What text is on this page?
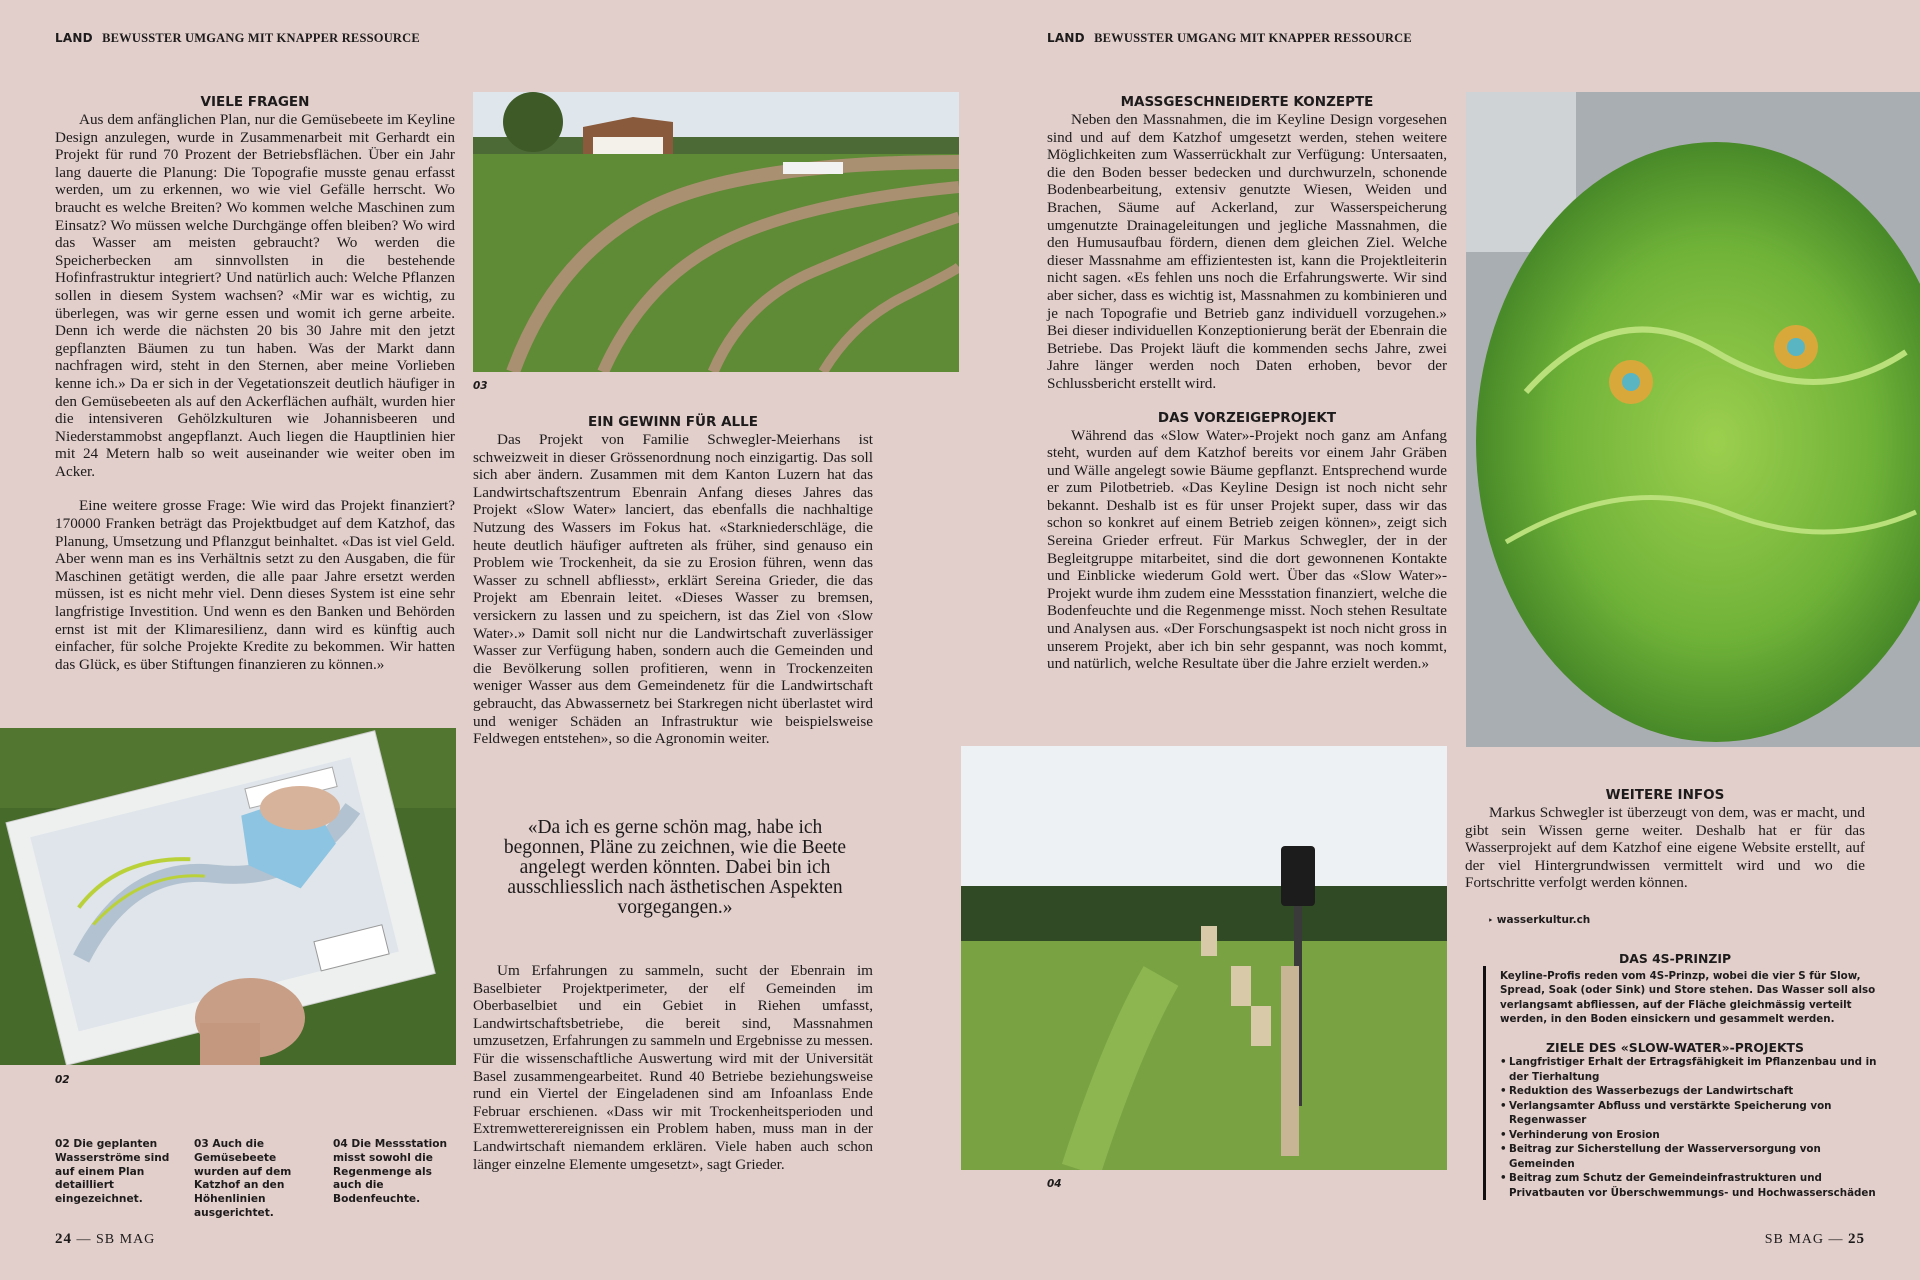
LAND BEWUSSTER UMGANG MIT KNAPPER RESSOURCE
VIELE FRAGEN

Aus dem anfänglichen Plan, nur die Gemüsebeete im Keyline Design anzulegen, wurde in Zusammenarbeit mit Gerhardt ein Projekt für rund 70 Prozent der Betriebsflächen. Über ein Jahr lang dauerte die Planung: Die Topografie musste genau erfasst werden, um zu erkennen, wo wie viel Gefälle herrscht. Wo braucht es welche Breiten? Wo kommen welche Maschinen zum Einsatz? Wo müssen welche Durchgänge offen bleiben? Wo wird das Wasser am meisten gebraucht? Wo werden die Speicherbecken am sinnvollsten in die bestehende Hofinfrastruktur integriert? Und natürlich auch: Welche Pflanzen sollen in diesem System wachsen? «Mir war es wichtig, zu überlegen, was wir gerne essen und womit ich gerne arbeite. Denn ich werde die nächsten 20 bis 30 Jahre mit den jetzt gepflanzten Bäumen zu tun haben. Was der Markt dann nachfragen wird, steht in den Sternen, aber meine Vorlieben kenne ich.» Da er sich in der Vegetationszeit deutlich häufiger in den Gemüsebeeten als auf den Ackerflächen aufhält, wurden hier die intensiveren Gehölzkulturen wie Johannisbeeren und Niederstammobst angepflanzt. Auch liegen die Hauptlinien hier mit 24 Metern halb so weit auseinander wie weiter oben im Acker.

Eine weitere grosse Frage: Wie wird das Projekt finanziert? 170000 Franken beträgt das Projektbudget auf dem Katzhof, das Planung, Umsetzung und Pflanzgut beinhaltet. «Das ist viel Geld. Aber wenn man es ins Verhältnis setzt zu den Ausgaben, die für Maschinen getätigt werden, die alle paar Jahre ersetzt werden müssen, ist es nicht mehr viel. Denn dieses System ist eine sehr langfristige Investition. Und wenn es den Banken und Behörden ernst ist mit der Klimaresilienz, dann wird es künftig auch einfacher, für solche Projekte Kredite zu bekommen. Wir hatten das Glück, es über Stiftungen finanzieren zu können.»

02
03
EIN GEWINN FÜR ALLE

Das Projekt von Familie Schwegler-Meierhans ist schweizweit in dieser Grössenordnung noch einzigartig. Das soll sich aber ändern. Zusammen mit dem Kanton Luzern hat das Landwirtschaftszentrum Ebenrain Anfang dieses Jahres das Projekt «Slow Water» lanciert, das ebenfalls die nachhaltige Nutzung des Wassers im Fokus hat. «Starkniederschläge, die heute deutlich häufiger auftreten als früher, sind genauso ein Problem wie Trockenheit, da sie zu Erosion führen, wenn das Wasser zu schnell abfliesst», erklärt Sereina Grieder, die das Projekt am Ebenrain leitet. «Dieses Wasser zu bremsen, versickern zu lassen und zu speichern, ist das Ziel von ‹Slow Water›.» Damit soll nicht nur die Landwirtschaft zuverlässiger Wasser zur Verfügung haben, sondern auch die Gemeinden und die Bevölkerung sollen profitieren, wenn in Trockenzeiten weniger Wasser aus dem Gemeindenetz für die Landwirtschaft gebraucht, das Abwassernetz bei Starkregen nicht überlastet wird und weniger Schäden an Infrastruktur wie beispielsweise Feldwegen entstehen», so die Agronomin weiter.

«Da ich es gerne schön mag, habe ich begonnen, Pläne zu zeichnen, wie die Beete angelegt werden könnten. Dabei bin ich ausschliesslich nach ästhetischen Aspekten vorgegangen.»

Um Erfahrungen zu sammeln, sucht der Ebenrain im Baselbieter Projektperimeter, der elf Gemeinden im Oberbaselbiet und ein Gebiet in Riehen umfasst, Landwirtschaftsbetriebe, die bereit sind, Massnahmen umzusetzen, Erfahrungen zu sammeln und Ergebnisse zu messen. Für die wissenschaftliche Auswertung wird mit der Universität Basel zusammengearbeitet. Rund 40 Betriebe beziehungsweise rund ein Viertel der Eingeladenen sind am Infoanlass Ende Februar erschienen. «Dass wir mit Trockenheitsperioden und Extremwetterereignissen ein Problem haben, muss man in der Landwirtschaft niemandem erklären. Viele haben auch schon länger einzelne Elemente umgesetzt», sagt Grieder.

02 Die geplanten Wasserströme sind auf einem Plan detailliert eingezeichnet.
03 Auch die Gemüsebeete wurden auf dem Katzhof an den Höhenlinien ausgerichtet.
04 Die Messstation misst sowohl die Regenmenge als auch die Bodenfeuchte.
24 — SB MAG
LAND BEWUSSTER UMGANG MIT KNAPPER RESSOURCE
MASSGESCHNEIDERTE KONZEPTE

Neben den Massnahmen, die im Keyline Design vorgesehen sind und auf dem Katzhof umgesetzt werden, stehen weitere Möglichkeiten zum Wasserrückhalt zur Verfügung: Untersaaten, die den Boden besser bedecken und durchwurzeln, schonende Bodenbearbeitung, extensiv genutzte Wiesen, Weiden und Brachen, Säume auf Ackerland, zur Wasserspeicherung umgenutzte Drainageleitungen und jegliche Massnahmen, die den Humusaufbau fördern, dienen dem gleichen Ziel. Welche dieser Massnahme am effizientesten ist, kann die Projektleiterin nicht sagen. «Es fehlen uns noch die Erfahrungswerte. Wir sind aber sicher, dass es wichtig ist, Massnahmen zu kombinieren und je nach Topografie und Betrieb ganz individuell vorzugehen.» Bei dieser individuellen Konzeptionierung berät der Ebenrain die Betriebe. Das Projekt läuft die kommenden sechs Jahre, zwei Jahre länger werden noch Daten erhoben, bevor der Schlussbericht erstellt wird.

DAS VORZEIGEPROJEKT

Während das «Slow Water»-Projekt noch ganz am Anfang steht, wurden auf dem Katzhof bereits vor einem Jahr Gräben und Wälle angelegt sowie Bäume gepflanzt. Entsprechend wurde er zum Pilotbetrieb. «Das Keyline Design ist noch nicht sehr bekannt. Deshalb ist es für unser Projekt super, dass wir das schon so konkret auf einem Betrieb zeigen können», zeigt sich Sereina Grieder erfreut. Für Markus Schwegler, der in der Begleitgruppe mitarbeitet, sind die dort gewonnenen Kontakte und Einblicke wiederum Gold wert. Über das «Slow Water»-Projekt wurde ihm zudem eine Messstation finanziert, welche die Bodenfeuchte und die Regenmenge misst. Noch stehen Resultate und Analysen aus. «Der Forschungsaspekt ist noch nicht gross in unserem Projekt, aber ich bin sehr gespannt, was noch kommt, und natürlich, welche Resultate über die Jahre erzielt werden.»

04
WEITERE INFOS

Markus Schwegler ist überzeugt von dem, was er macht, und gibt sein Wissen gerne weiter. Deshalb hat er für das Wasserprojekt auf dem Katzhof eine eigene Website erstellt, auf der viel Hintergrundwissen vermittelt wird und wo die Fortschritte verfolgt werden können.

‣ wasserkultur.ch
DAS 4S-PRINZIP
Keyline-Profis reden vom 4S-Prinzp, wobei die vier S für Slow, Spread, Soak (oder Sink) und Store stehen. Das Wasser soll also verlangsamt abfliessen, auf der Fläche gleichmässig verteilt werden, in den Boden einsickern und gesammelt werden.
ZIELE DES «SLOW-WATER»-PROJEKTS
• Langfristiger Erhalt der Ertragsfähigkeit im Pflanzenbau und in der Tierhaltung
• Reduktion des Wasserbezugs der Landwirtschaft
• Verlangsamter Abfluss und verstärkte Speicherung von Regenwasser
• Verhinderung von Erosion
• Beitrag zur Sicherstellung der Wasserversorgung von Gemeinden
• Beitrag zum Schutz der Gemeindeinfrastrukturen und Privatbauten vor Überschwemmungs- und Hochwasserschäden
SB MAG — 25
